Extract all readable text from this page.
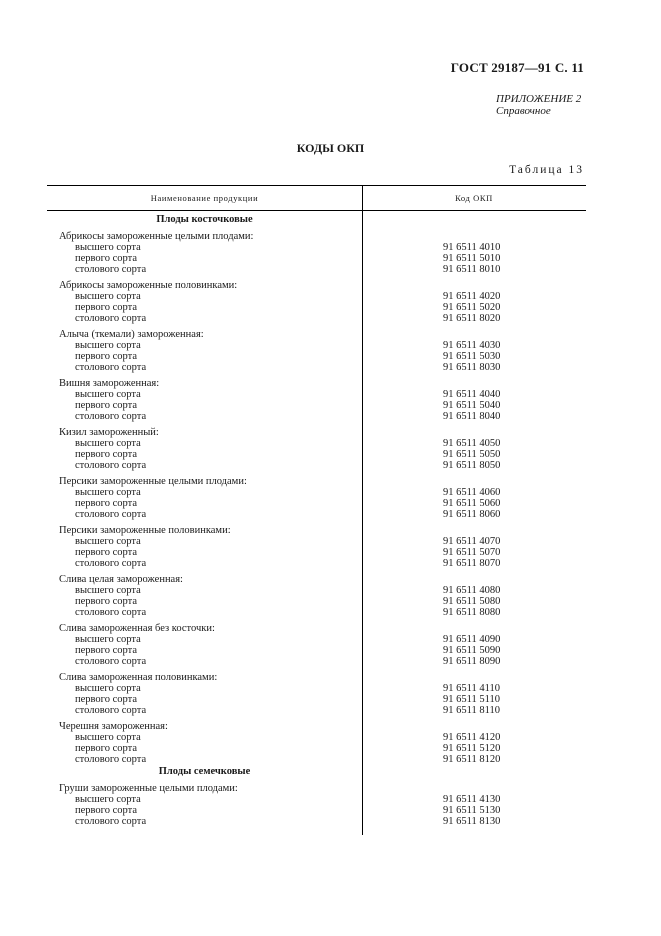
ГОСТ 29187—91 С. 11
ПРИЛОЖЕНИЕ 2
Справочное
КОДЫ ОКП
Таблица 13
Наименование продукции	Код ОКП
Плоды косточковые
Абрикосы замороженные целыми плодами:
высшего сорта	91 6511 4010
первого сорта	91 6511 5010
столового сорта	91 6511 8010
Абрикосы замороженные половинками:
высшего сорта	91 6511 4020
первого сорта	91 6511 5020
столового сорта	91 6511 8020
Алыча (ткемали) замороженная:
высшего сорта	91 6511 4030
первого сорта	91 6511 5030
столового сорта	91 6511 8030
Вишня замороженная:
высшего сорта	91 6511 4040
первого сорта	91 6511 5040
столового сорта	91 6511 8040
Кизил замороженный:
высшего сорта	91 6511 4050
первого сорта	91 6511 5050
столового сорта	91 6511 8050
Персики замороженные целыми плодами:
высшего сорта	91 6511 4060
первого сорта	91 6511 5060
столового сорта	91 6511 8060
Персики замороженные половинками:
высшего сорта	91 6511 4070
первого сорта	91 6511 5070
столового сорта	91 6511 8070
Слива целая замороженная:
высшего сорта	91 6511 4080
первого сорта	91 6511 5080
столового сорта	91 6511 8080
Слива замороженная без косточки:
высшего сорта	91 6511 4090
первого сорта	91 6511 5090
столового сорта	91 6511 8090
Слива замороженная половинками:
высшего сорта	91 6511 4110
первого сорта	91 6511 5110
столового сорта	91 6511 8110
Черешня замороженная:
высшего сорта	91 6511 4120
первого сорта	91 6511 5120
столового сорта	91 6511 8120
Плоды семечковые
Груши замороженные целыми плодами:
высшего сорта	91 6511 4130
первого сорта	91 6511 5130
столового сорта	91 6511 8130
